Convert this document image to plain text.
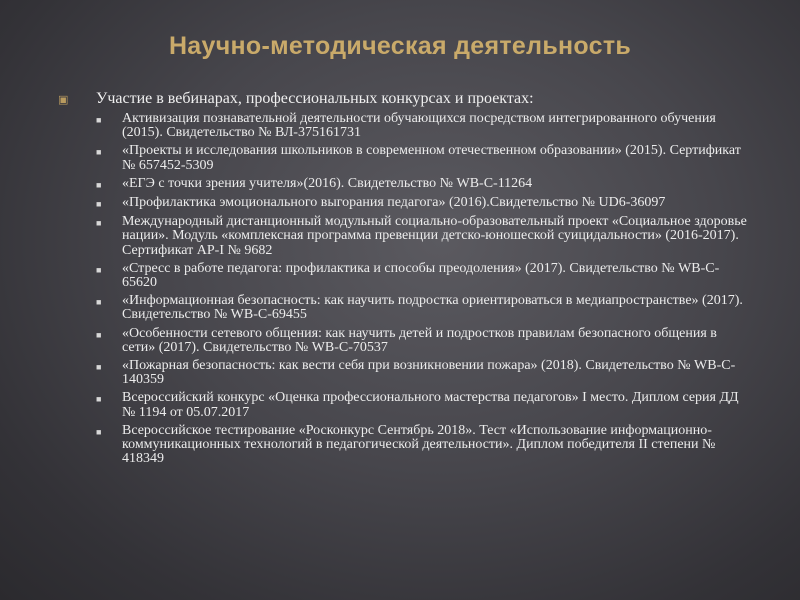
Научно-методическая деятельность
▣	Участие в вебинарах, профессиональных конкурсах и проектах:
■	Активизация познавательной деятельности обучающихся посредством интегрированного обучения (2015). Свидетельство № ВЛ-375161731
■	«Проекты и исследования школьников в современном отечественном образовании» (2015). Сертификат № 657452-5309
■	«ЕГЭ с точки зрения учителя»(2016). Свидетельство № WB-C-11264
■	«Профилактика эмоционального выгорания педагога» (2016).Свидетельство № UD6-36097
■	Международный дистанционный модульный социально-образовательный проект «Социальное здоровье нации». Модуль «комплексная программа превенции детско-юношеской суицидальности» (2016-2017). Сертификат АР-I № 9682
■	«Стресс в работе педагога: профилактика и способы преодоления» (2017). Свидетельство № WB-C-65620
■	«Информационная безопасность: как научить подростка ориентироваться в медиапространстве» (2017). Свидетельство № WB-C-69455
■	«Особенности сетевого общения: как научить детей и подростков правилам безопасного общения в сети» (2017). Свидетельство № WB-C-70537
■	«Пожарная безопасность: как вести себя при возникновении пожара» (2018). Свидетельство № WB-C-140359
■	Всероссийский конкурс «Оценка профессионального мастерства педагогов» I место. Диплом серия ДД № 1194 от 05.07.2017
■	Всероссийское тестирование «Росконкурс Сентябрь 2018». Тест «Использование информационно-коммуникационных технологий в педагогической деятельности». Диплом победителя II степени № 418349
